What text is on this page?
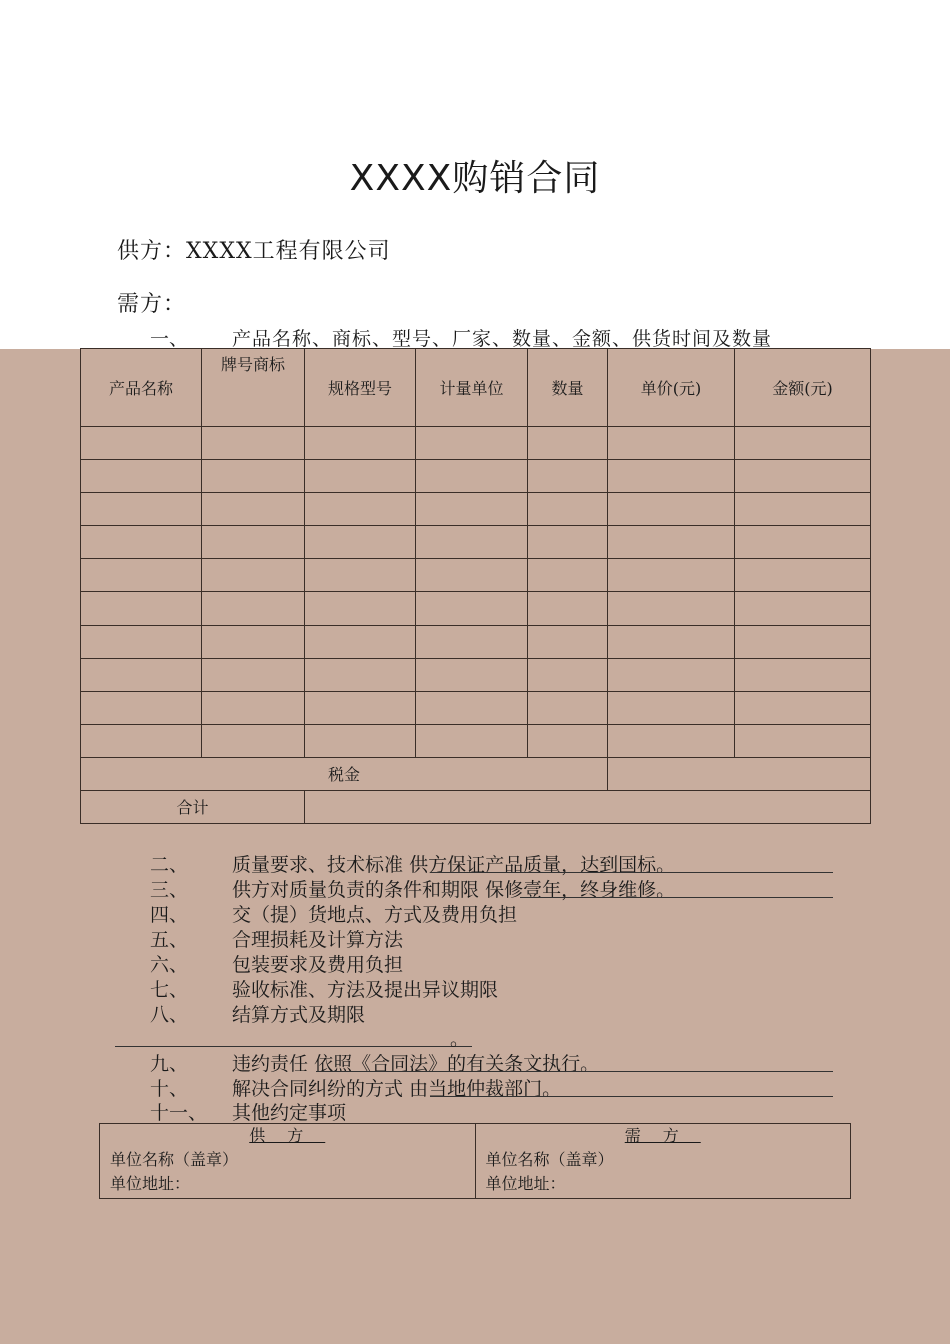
XXXX购销合同
供方：XXXX工程有限公司
需方：
一、 产品名称、商标、型号、厂家、数量、金额、供货时间及数量
产品名称	牌号商标	规格型号	计量单位	数量	单价(元)	金额(元)

税金						
合计						
二、 质量要求、技术标准 供方保证产品质量，达到国标。
三、 供方对质量负责的条件和期限 保修壹年，终身维修。
四、 交（提）货地点、方式及费用负担
五、 合理损耗及计算方法
六、 包装要求及费用负担
七、 验收标准、方法及提出异议期限
八、 结算方式及期限
。
九、 违约责任 依照《合同法》的有关条文执行。
十、 解决合同纠纷的方式 由当地仲裁部门。
十一、 其他约定事项
供方
单位名称（盖章）
单位地址：

需方
单位名称（盖章）
单位地址：
